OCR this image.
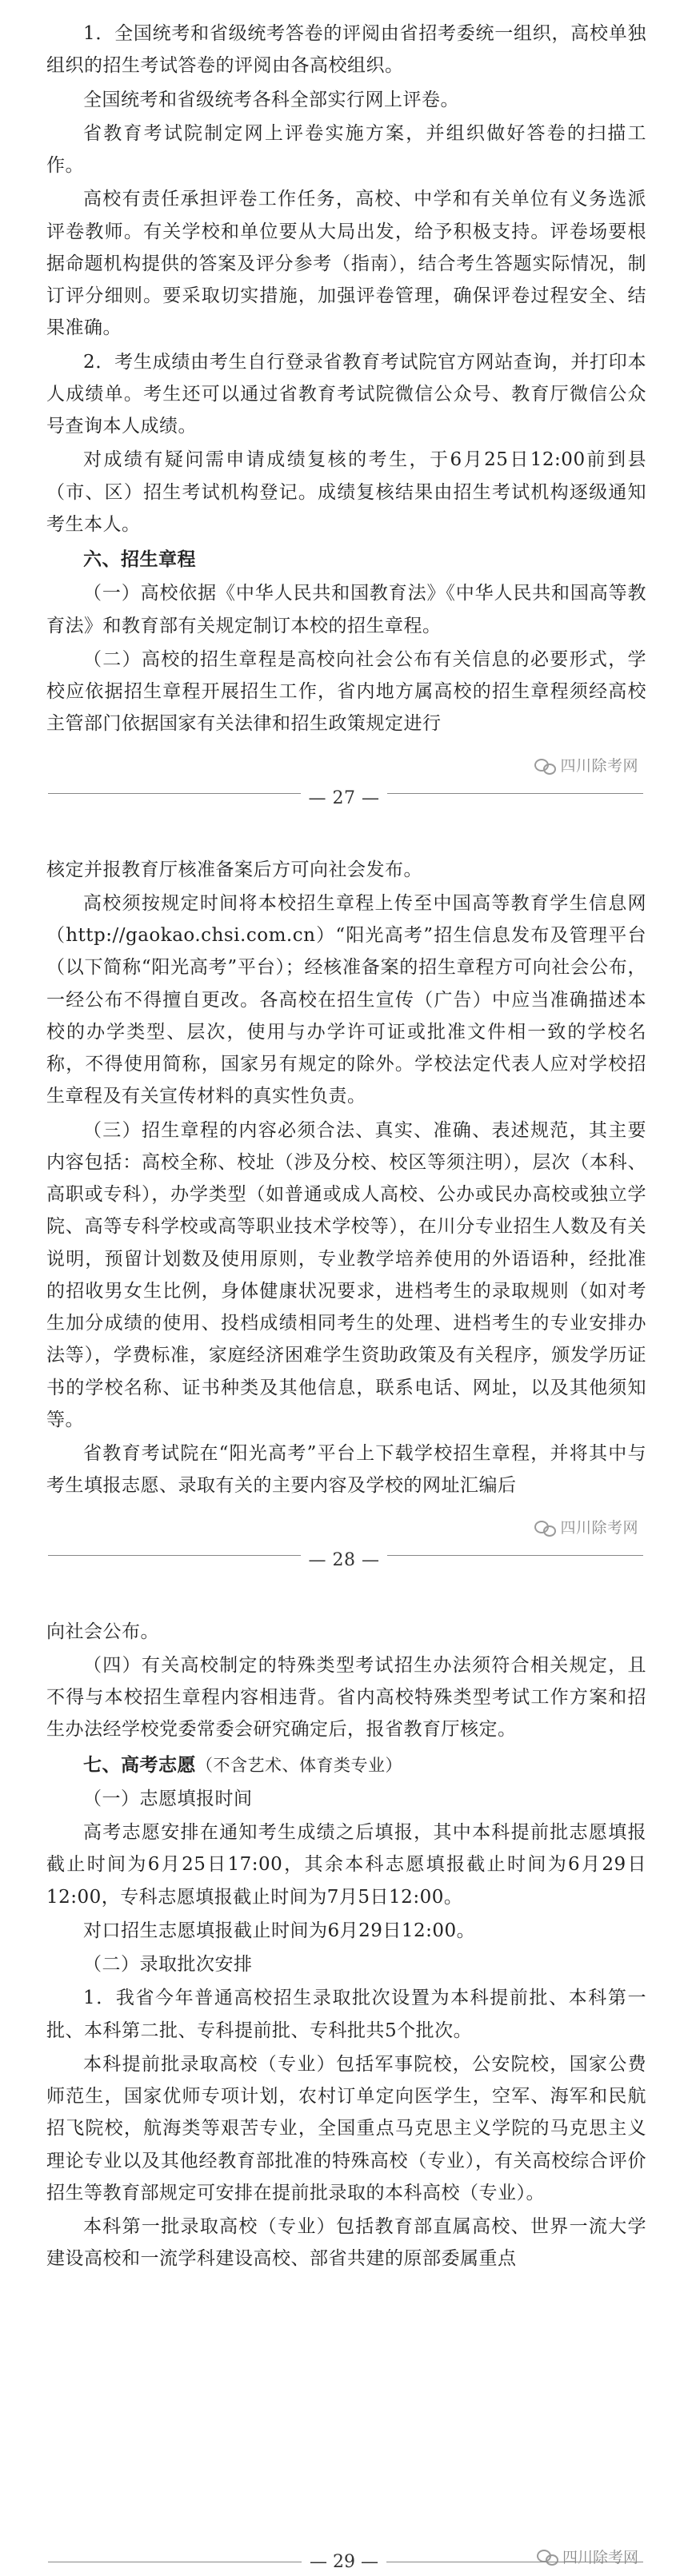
1．全国统考和省级统考答卷的评阅由省招考委统一组织，高校单独组织的招生考试答卷的评阅由各高校组织。

全国统考和省级统考各科全部实行网上评卷。

省教育考试院制定网上评卷实施方案，并组织做好答卷的扫描工作。

高校有责任承担评卷工作任务，高校、中学和有关单位有义务选派评卷教师。有关学校和单位要从大局出发，给予积极支持。评卷场要根据命题机构提供的答案及评分参考（指南），结合考生答题实际情况，制订评分细则。要采取切实措施，加强评卷管理，确保评卷过程安全、结果准确。

2．考生成绩由考生自行登录省教育考试院官方网站查询，并打印本人成绩单。考生还可以通过省教育考试院微信公众号、教育厅微信公众号查询本人成绩。

对成绩有疑问需申请成绩复核的考生，于6月25日12:00前到县（市、区）招生考试机构登记。成绩复核结果由招生考试机构逐级通知考生本人。

六、招生章程

（一）高校依据《中华人民共和国教育法》《中华人民共和国高等教育法》和教育部有关规定制订本校的招生章程。

（二）高校的招生章程是高校向社会公布有关信息的必要形式，学校应依据招生章程开展招生工作，省内地方属高校的招生章程须经高校主管部门依据国家有关法律和招生政策规定进行

四川除考网
— 27 —

核定并报教育厅核准备案后方可向社会发布。

高校须按规定时间将本校招生章程上传至中国高等教育学生信息网（http://gaokao.chsi.com.cn）“阳光高考”招生信息发布及管理平台（以下简称“阳光高考”平台）；经核准备案的招生章程方可向社会公布，一经公布不得擅自更改。各高校在招生宣传（广告）中应当准确描述本校的办学类型、层次，使用与办学许可证或批准文件相一致的学校名称，不得使用简称，国家另有规定的除外。学校法定代表人应对学校招生章程及有关宣传材料的真实性负责。

（三）招生章程的内容必须合法、真实、准确、表述规范，其主要内容包括：高校全称、校址（涉及分校、校区等须注明），层次（本科、高职或专科），办学类型（如普通或成人高校、公办或民办高校或独立学院、高等专科学校或高等职业技术学校等），在川分专业招生人数及有关说明，预留计划数及使用原则，专业教学培养使用的外语语种，经批准的招收男女生比例，身体健康状况要求，进档考生的录取规则（如对考生加分成绩的使用、投档成绩相同考生的处理、进档考生的专业安排办法等），学费标准，家庭经济困难学生资助政策及有关程序，颁发学历证书的学校名称、证书种类及其他信息，联系电话、网址，以及其他须知等。

省教育考试院在“阳光高考”平台上下载学校招生章程，并将其中与考生填报志愿、录取有关的主要内容及学校的网址汇编后

四川除考网
— 28 —

向社会公布。

（四）有关高校制定的特殊类型考试招生办法须符合相关规定，且不得与本校招生章程内容相违背。省内高校特殊类型考试工作方案和招生办法经学校党委常委会研究确定后，报省教育厅核定。

七、高考志愿（不含艺术、体育类专业）

（一）志愿填报时间

高考志愿安排在通知考生成绩之后填报，其中本科提前批志愿填报截止时间为6月25日17:00，其余本科志愿填报截止时间为6月29日12:00，专科志愿填报截止时间为7月5日12:00。

对口招生志愿填报截止时间为6月29日12:00。

（二）录取批次安排

1．我省今年普通高校招生录取批次设置为本科提前批、本科第一批、本科第二批、专科提前批、专科批共5个批次。

本科提前批录取高校（专业）包括军事院校，公安院校，国家公费师范生，国家优师专项计划，农村订单定向医学生，空军、海军和民航招飞院校，航海类等艰苦专业，全国重点马克思主义学院的马克思主义理论专业以及其他经教育部批准的特殊高校（专业），有关高校综合评价招生等教育部规定可安排在提前批录取的本科高校（专业）。

本科第一批录取高校（专业）包括教育部直属高校、世界一流大学建设高校和一流学科建设高校、部省共建的原部委属重点

四川除考网
— 29 —
